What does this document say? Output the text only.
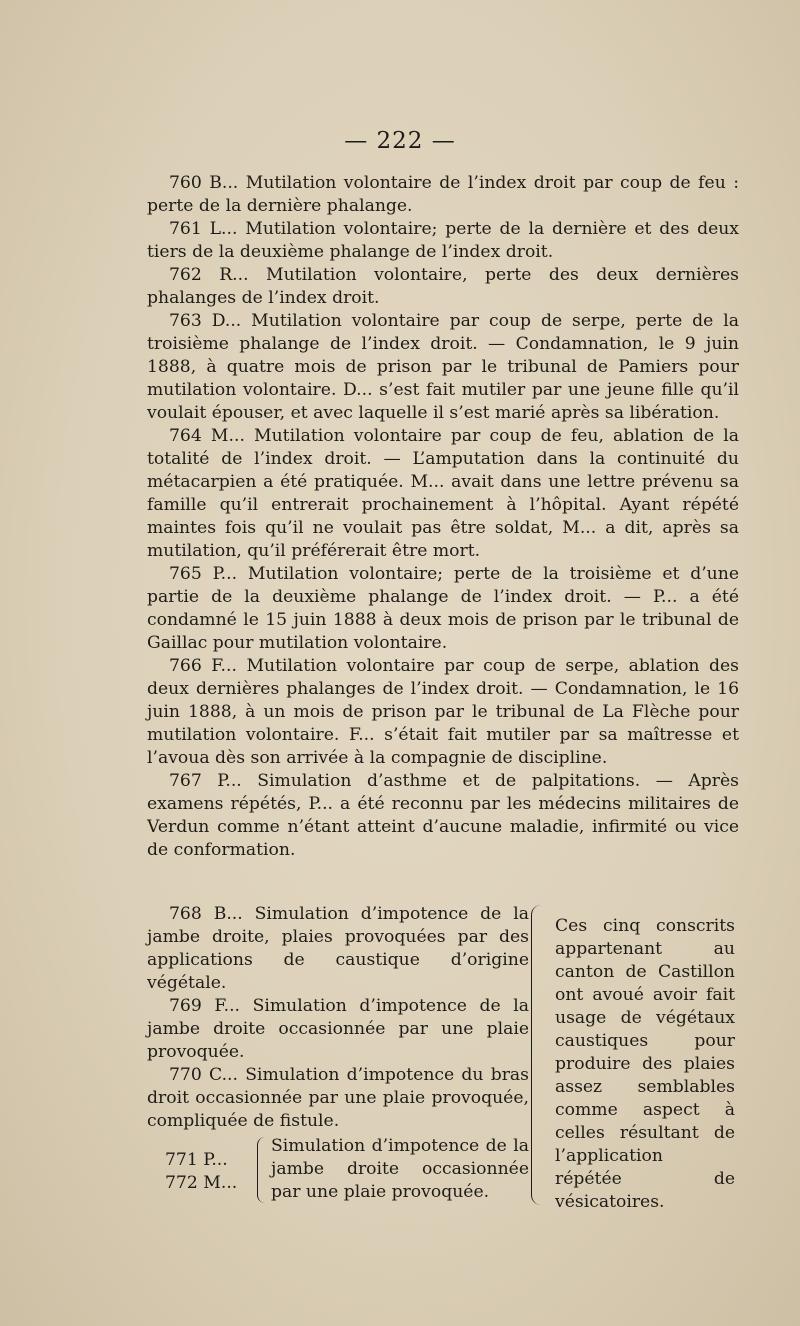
— 222 —

760 B... Mutilation volontaire de l’index droit par coup de feu : perte de la dernière phalange.

761 L... Mutilation volontaire; perte de la dernière et des deux tiers de la deuxième phalange de l’index droit.

762 R... Mutilation volontaire, perte des deux dernières phalanges de l’index droit.

763 D... Mutilation volontaire par coup de serpe, perte de la troisième phalange de l’index droit. — Condamnation, le 9 juin 1888, à quatre mois de prison par le tribunal de Pamiers pour mutilation volontaire. D... s’est fait mutiler par une jeune fille qu’il voulait épouser, et avec laquelle il s’est marié après sa libération.

764 M... Mutilation volontaire par coup de feu, ablation de la totalité de l’index droit. — L’amputation dans la continuité du métacarpien a été pratiquée. M... avait dans une lettre prévenu sa famille qu’il entrerait prochainement à l’hôpital. Ayant répété maintes fois qu’il ne voulait pas être soldat, M... a dit, après sa mutilation, qu’il préférerait être mort.

765 P... Mutilation volontaire; perte de la troisième et d’une partie de la deuxième phalange de l’index droit. — P... a été condamné le 15 juin 1888 à deux mois de prison par le tribunal de Gaillac pour mutilation volontaire.

766 F... Mutilation volontaire par coup de serpe, ablation des deux dernières phalanges de l’index droit. — Condamnation, le 16 juin 1888, à un mois de prison par le tribunal de La Flèche pour mutilation volontaire. F... s’était fait mutiler par sa maîtresse et l’avoua dès son arrivée à la compagnie de discipline.

767 P... Simulation d’asthme et de palpitations. — Après examens répétés, P... a été reconnu par les médecins militaires de Verdun comme n’étant atteint d’aucune maladie, infirmité ou vice de conformation.

768 B... Simulation d’impotence de la jambe droite, plaies provoquées par des applications de caustique d’origine végétale.

769 F... Simulation d’impotence de la jambe droite occasionnée par une plaie provoquée.

770 C... Simulation d’impotence du bras droit occasionnée par une plaie provoquée, compliquée de fistule.

771 P...
772 M...
Simulation d’impotence de la jambe droite occasionnée par une plaie provoquée.
Ces cinq conscrits appartenant au canton de Castillon ont avoué avoir fait usage de végétaux caustiques pour produire des plaies assez semblables comme aspect à celles résultant de l’application répétée de vésicatoires.
